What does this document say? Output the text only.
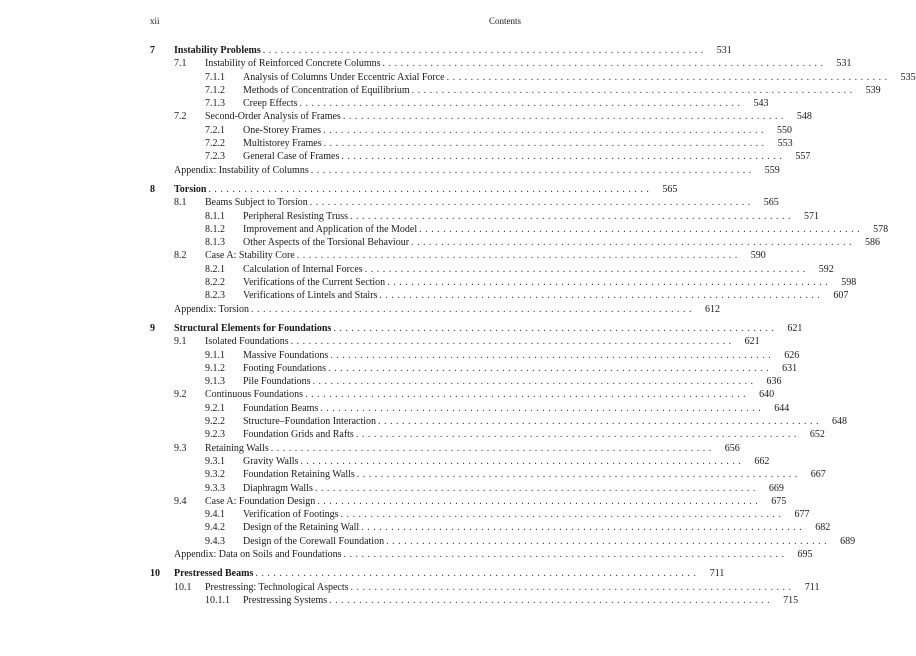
xii	Contents
7 Instability Problems . . . . . . . . . . . . . . . . . . . . . . . . . . . . . . . . . . . . . . . . . . . . . . . . . . . . . . . . . . . . . . . . . . . . . . . . . .	531
7.1 Instability of Reinforced Concrete Columns . . . . . . . . . . . . . . . . . . . . . . . . . . . . . . . . . . . . . . . . . . . . . . . . . . . . . . . . . . . . . . . . . . . . . . . . . .	531
7.1.1 Analysis of Columns Under Eccentric Axial Force . . . . . . . . . . . . . . . . . . . . . . . . . . . . . . . . . . . . . . . . . . . . . . . . . . . . . . . . . . . . . . . . . . . . . . . . . .	535
7.1.2 Methods of Concentration of Equilibrium . . . . . . . . . . . . . . . . . . . . . . . . . . . . . . . . . . . . . . . . . . . . . . . . . . . . . . . . . . . . . . . . . . . . . . . . . .	539
7.1.3 Creep Effects . . . . . . . . . . . . . . . . . . . . . . . . . . . . . . . . . . . . . . . . . . . . . . . . . . . . . . . . . . . . . . . . . . . . . . . . . .	543
7.2 Second-Order Analysis of Frames . . . . . . . . . . . . . . . . . . . . . . . . . . . . . . . . . . . . . . . . . . . . . . . . . . . . . . . . . . . . . . . . . . . . . . . . . .	548
7.2.1 One-Storey Frames . . . . . . . . . . . . . . . . . . . . . . . . . . . . . . . . . . . . . . . . . . . . . . . . . . . . . . . . . . . . . . . . . . . . . . . . . .	550
7.2.2 Multistorey Frames . . . . . . . . . . . . . . . . . . . . . . . . . . . . . . . . . . . . . . . . . . . . . . . . . . . . . . . . . . . . . . . . . . . . . . . . . .	553
7.2.3 General Case of Frames . . . . . . . . . . . . . . . . . . . . . . . . . . . . . . . . . . . . . . . . . . . . . . . . . . . . . . . . . . . . . . . . . . . . . . . . . .	557
Appendix: Instability of Columns . . . . . . . . . . . . . . . . . . . . . . . . . . . . . . . . . . . . . . . . . . . . . . . . . . . . . . . . . . . . . . . . . . . . . . . . . .	559
8 Torsion . . . . . . . . . . . . . . . . . . . . . . . . . . . . . . . . . . . . . . . . . . . . . . . . . . . . . . . . . . . . . . . . . . . . . . . . . .	565
8.1 Beams Subject to Torsion . . . . . . . . . . . . . . . . . . . . . . . . . . . . . . . . . . . . . . . . . . . . . . . . . . . . . . . . . . . . . . . . . . . . . . . . . .	565
8.1.1 Peripheral Resisting Truss . . . . . . . . . . . . . . . . . . . . . . . . . . . . . . . . . . . . . . . . . . . . . . . . . . . . . . . . . . . . . . . . . . . . . . . . . .	571
8.1.2 Improvement and Application of the Model . . . . . . . . . . . . . . . . . . . . . . . . . . . . . . . . . . . . . . . . . . . . . . . . . . . . . . . . . . . . . . . . . . . . . . . . . .	578
8.1.3 Other Aspects of the Torsional Behaviour . . . . . . . . . . . . . . . . . . . . . . . . . . . . . . . . . . . . . . . . . . . . . . . . . . . . . . . . . . . . . . . . . . . . . . . . . .	586
8.2 Case A: Stability Core . . . . . . . . . . . . . . . . . . . . . . . . . . . . . . . . . . . . . . . . . . . . . . . . . . . . . . . . . . . . . . . . . . . . . . . . . .	590
8.2.1 Calculation of Internal Forces . . . . . . . . . . . . . . . . . . . . . . . . . . . . . . . . . . . . . . . . . . . . . . . . . . . . . . . . . . . . . . . . . . . . . . . . . .	592
8.2.2 Verifications of the Current Section . . . . . . . . . . . . . . . . . . . . . . . . . . . . . . . . . . . . . . . . . . . . . . . . . . . . . . . . . . . . . . . . . . . . . . . . . .	598
8.2.3 Verifications of Lintels and Stairs . . . . . . . . . . . . . . . . . . . . . . . . . . . . . . . . . . . . . . . . . . . . . . . . . . . . . . . . . . . . . . . . . . . . . . . . . .	607
Appendix: Torsion . . . . . . . . . . . . . . . . . . . . . . . . . . . . . . . . . . . . . . . . . . . . . . . . . . . . . . . . . . . . . . . . . . . . . . . . . .	612
9 Structural Elements for Foundations . . . . . . . . . . . . . . . . . . . . . . . . . . . . . . . . . . . . . . . . . . . . . . . . . . . . . . . . . . . . . . . . . . . . . . . . . .	621
9.1 Isolated Foundations . . . . . . . . . . . . . . . . . . . . . . . . . . . . . . . . . . . . . . . . . . . . . . . . . . . . . . . . . . . . . . . . . . . . . . . . . .	621
9.1.1 Massive Foundations . . . . . . . . . . . . . . . . . . . . . . . . . . . . . . . . . . . . . . . . . . . . . . . . . . . . . . . . . . . . . . . . . . . . . . . . . .	626
9.1.2 Footing Foundations . . . . . . . . . . . . . . . . . . . . . . . . . . . . . . . . . . . . . . . . . . . . . . . . . . . . . . . . . . . . . . . . . . . . . . . . . .	631
9.1.3 Pile Foundations . . . . . . . . . . . . . . . . . . . . . . . . . . . . . . . . . . . . . . . . . . . . . . . . . . . . . . . . . . . . . . . . . . . . . . . . . .	636
9.2 Continuous Foundations . . . . . . . . . . . . . . . . . . . . . . . . . . . . . . . . . . . . . . . . . . . . . . . . . . . . . . . . . . . . . . . . . . . . . . . . . .	640
9.2.1 Foundation Beams . . . . . . . . . . . . . . . . . . . . . . . . . . . . . . . . . . . . . . . . . . . . . . . . . . . . . . . . . . . . . . . . . . . . . . . . . .	644
9.2.2 Structure–Foundation Interaction . . . . . . . . . . . . . . . . . . . . . . . . . . . . . . . . . . . . . . . . . . . . . . . . . . . . . . . . . . . . . . . . . . . . . . . . . .	648
9.2.3 Foundation Grids and Rafts . . . . . . . . . . . . . . . . . . . . . . . . . . . . . . . . . . . . . . . . . . . . . . . . . . . . . . . . . . . . . . . . . . . . . . . . . .	652
9.3 Retaining Walls . . . . . . . . . . . . . . . . . . . . . . . . . . . . . . . . . . . . . . . . . . . . . . . . . . . . . . . . . . . . . . . . . . . . . . . . . .	656
9.3.1 Gravity Walls . . . . . . . . . . . . . . . . . . . . . . . . . . . . . . . . . . . . . . . . . . . . . . . . . . . . . . . . . . . . . . . . . . . . . . . . . .	662
9.3.2 Foundation Retaining Walls . . . . . . . . . . . . . . . . . . . . . . . . . . . . . . . . . . . . . . . . . . . . . . . . . . . . . . . . . . . . . . . . . . . . . . . . . .	667
9.3.3 Diaphragm Walls . . . . . . . . . . . . . . . . . . . . . . . . . . . . . . . . . . . . . . . . . . . . . . . . . . . . . . . . . . . . . . . . . . . . . . . . . .	669
9.4 Case A: Foundation Design . . . . . . . . . . . . . . . . . . . . . . . . . . . . . . . . . . . . . . . . . . . . . . . . . . . . . . . . . . . . . . . . . . . . . . . . . .	675
9.4.1 Verification of Footings . . . . . . . . . . . . . . . . . . . . . . . . . . . . . . . . . . . . . . . . . . . . . . . . . . . . . . . . . . . . . . . . . . . . . . . . . .	677
9.4.2 Design of the Retaining Wall . . . . . . . . . . . . . . . . . . . . . . . . . . . . . . . . . . . . . . . . . . . . . . . . . . . . . . . . . . . . . . . . . . . . . . . . . .	682
9.4.3 Design of the Corewall Foundation . . . . . . . . . . . . . . . . . . . . . . . . . . . . . . . . . . . . . . . . . . . . . . . . . . . . . . . . . . . . . . . . . . . . . . . . . .	689
Appendix: Data on Soils and Foundations . . . . . . . . . . . . . . . . . . . . . . . . . . . . . . . . . . . . . . . . . . . . . . . . . . . . . . . . . . . . . . . . . . . . . . . . . .	695
10 Prestressed Beams . . . . . . . . . . . . . . . . . . . . . . . . . . . . . . . . . . . . . . . . . . . . . . . . . . . . . . . . . . . . . . . . . . . . . . . . . .	711
10.1 Prestressing: Technological Aspects . . . . . . . . . . . . . . . . . . . . . . . . . . . . . . . . . . . . . . . . . . . . . . . . . . . . . . . . . . . . . . . . . . . . . . . . . .	711
10.1.1 Prestressing Systems . . . . . . . . . . . . . . . . . . . . . . . . . . . . . . . . . . . . . . . . . . . . . . . . . . . . . . . . . . . . . . . . . . . . . . . . . .	715
